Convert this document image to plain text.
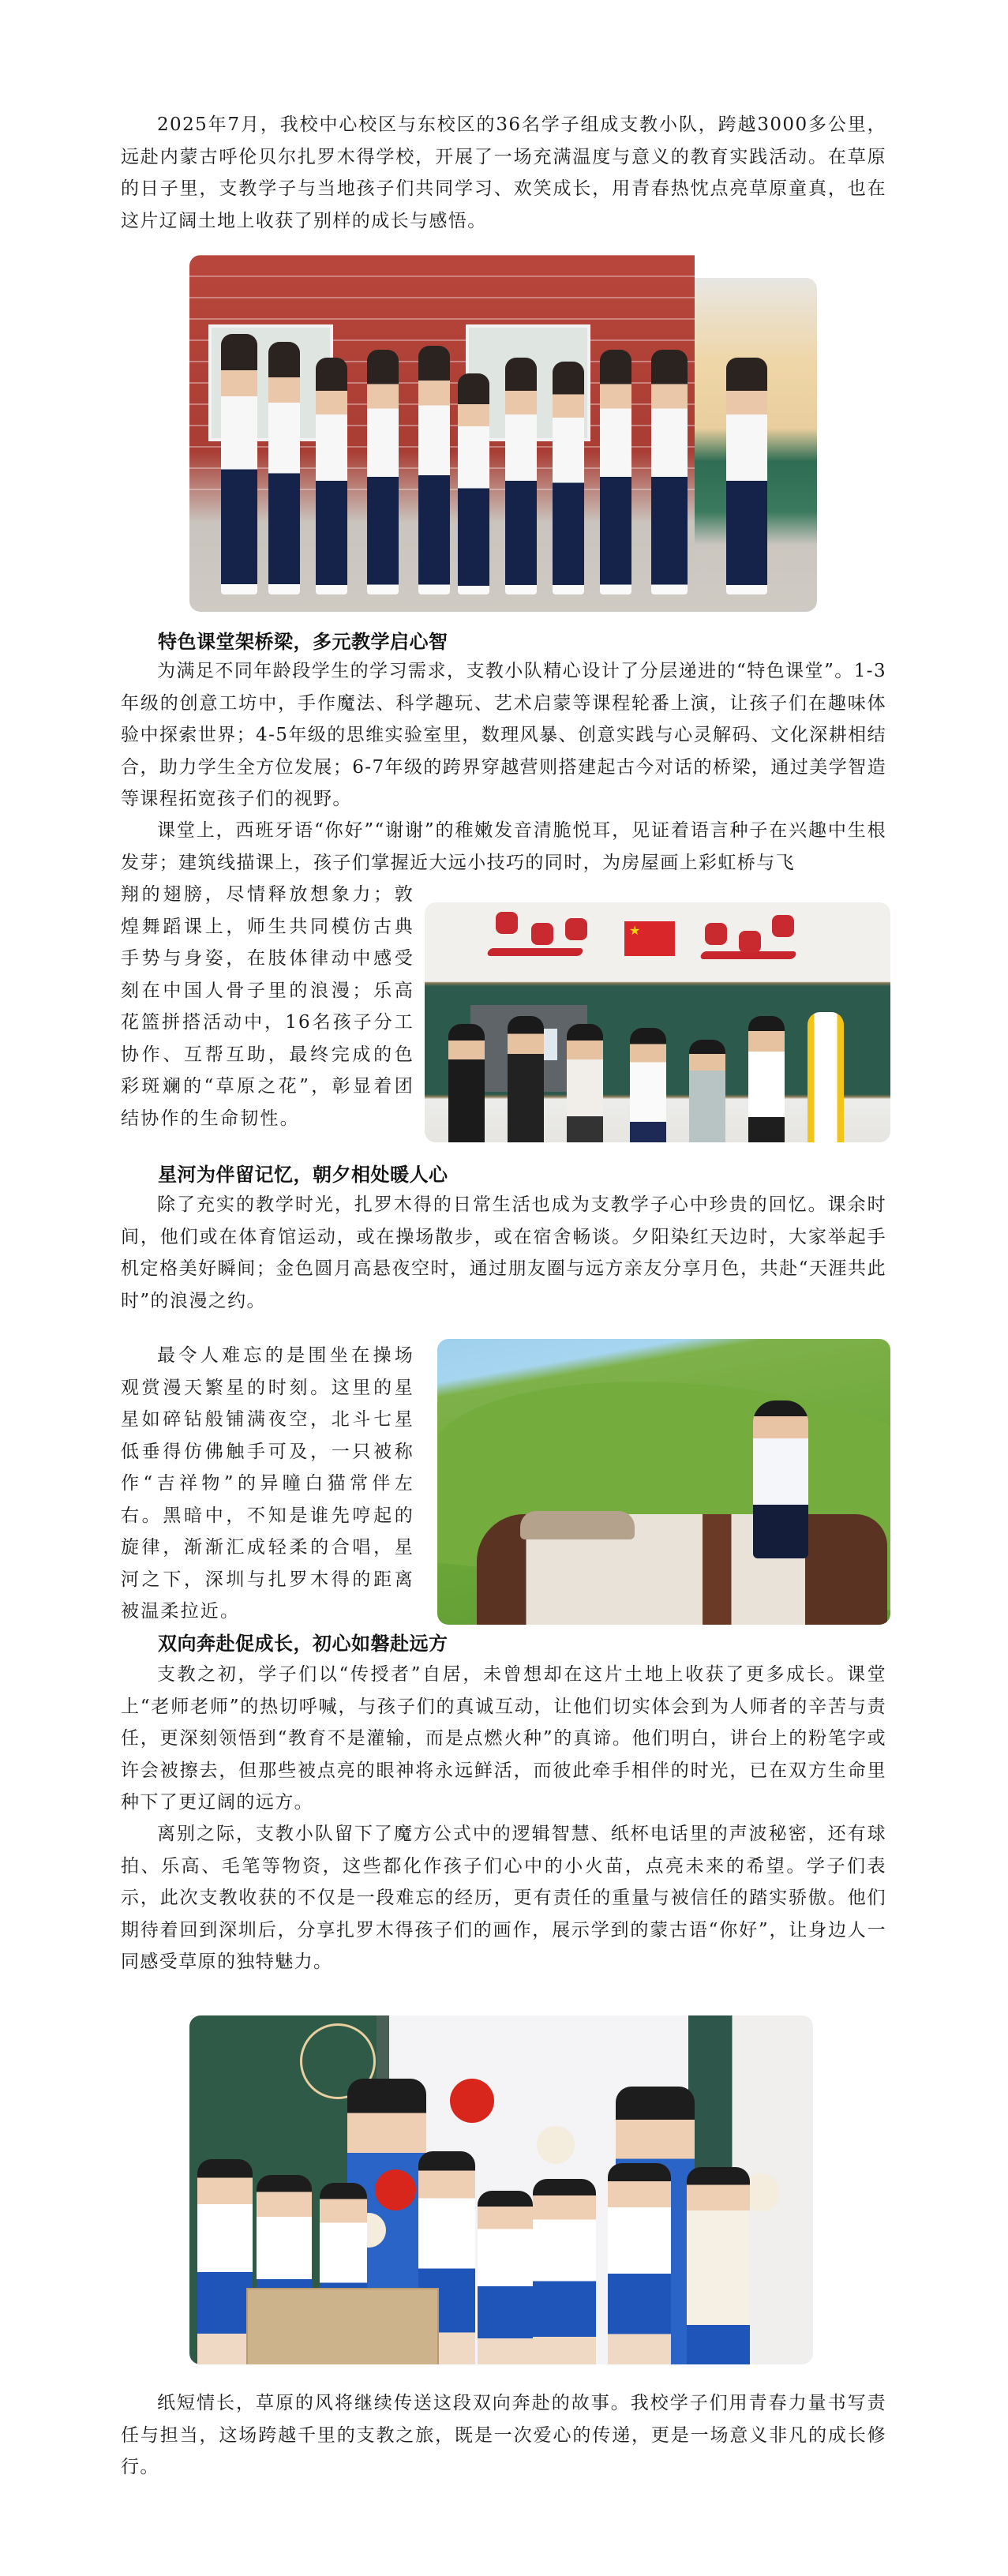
2025年7月，我校中心校区与东校区的36名学子组成支教小队，跨越3000多公里，远赴内蒙古呼伦贝尔扎罗木得学校，开展了一场充满温度与意义的教育实践活动。在草原的日子里，支教学子与当地孩子们共同学习、欢笑成长，用青春热忱点亮草原童真，也在这片辽阔土地上收获了别样的成长与感悟。

特色课堂架桥梁，多元教学启心智

为满足不同年龄段学生的学习需求，支教小队精心设计了分层递进的“特色课堂”。1-3年级的创意工坊中，手作魔法、科学趣玩、艺术启蒙等课程轮番上演，让孩子们在趣味体验中探索世界；4-5年级的思维实验室里，数理风暴、创意实践与心灵解码、文化深耕相结合，助力学生全方位发展；6-7年级的跨界穿越营则搭建起古今对话的桥梁，通过美学智造等课程拓宽孩子们的视野。

课堂上，西班牙语“你好”“谢谢”的稚嫩发音清脆悦耳，见证着语言种子在兴趣中生根发芽；建筑线描课上，孩子们掌握近大远小技巧的同时，为房屋画上彩虹桥与飞

翔的翅膀，尽情释放想象力；敦煌舞蹈课上，师生共同模仿古典手势与身姿，在肢体律动中感受刻在中国人骨子里的浪漫；乐高花篮拼搭活动中，16名孩子分工协作、互帮互助，最终完成的色彩斑斓的“草原之花”，彰显着团结协作的生命韧性。

★
星河为伴留记忆，朝夕相处暖人心

除了充实的教学时光，扎罗木得的日常生活也成为支教学子心中珍贵的回忆。课余时间，他们或在体育馆运动，或在操场散步，或在宿舍畅谈。夕阳染红天边时，大家举起手机定格美好瞬间；金色圆月高悬夜空时，通过朋友圈与远方亲友分享月色，共赴“天涯共此时”的浪漫之约。

最令人难忘的是围坐在操场观赏漫天繁星的时刻。这里的星星如碎钻般铺满夜空，北斗七星低垂得仿佛触手可及，一只被称作“吉祥物”的异瞳白猫常伴左右。黑暗中，不知是谁先哼起的旋律，渐渐汇成轻柔的合唱，星河之下，深圳与扎罗木得的距离被温柔拉近。

双向奔赴促成长，初心如磐赴远方

支教之初，学子们以“传授者”自居，未曾想却在这片土地上收获了更多成长。课堂上“老师老师”的热切呼喊，与孩子们的真诚互动，让他们切实体会到为人师者的辛苦与责任，更深刻领悟到“教育不是灌输，而是点燃火种”的真谛。他们明白，讲台上的粉笔字或许会被擦去，但那些被点亮的眼神将永远鲜活，而彼此牵手相伴的时光，已在双方生命里种下了更辽阔的远方。

离别之际，支教小队留下了魔方公式中的逻辑智慧、纸杯电话里的声波秘密，还有球拍、乐高、毛笔等物资，这些都化作孩子们心中的小火苗，点亮未来的希望。学子们表示，此次支教收获的不仅是一段难忘的经历，更有责任的重量与被信任的踏实骄傲。他们期待着回到深圳后，分享扎罗木得孩子们的画作，展示学到的蒙古语“你好”，让身边人一同感受草原的独特魅力。

纸短情长，草原的风将继续传送这段双向奔赴的故事。我校学子们用青春力量书写责任与担当，这场跨越千里的支教之旅，既是一次爱心的传递，更是一场意义非凡的成长修行。
